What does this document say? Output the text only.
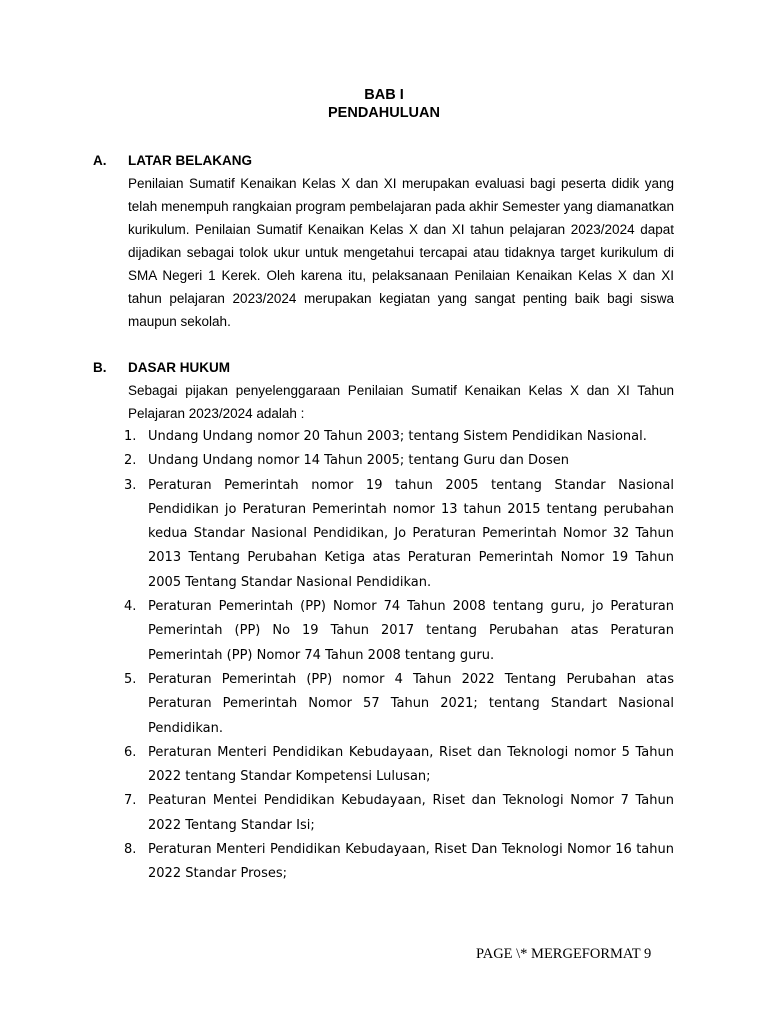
BAB I
PENDAHULUAN
A. LATAR BELAKANG
Penilaian Sumatif Kenaikan Kelas X dan XI merupakan evaluasi bagi peserta didik yang telah menempuh rangkaian program pembelajaran pada akhir Semester yang diamanatkan kurikulum. Penilaian Sumatif Kenaikan Kelas X dan XI tahun pelajaran 2023/2024 dapat dijadikan sebagai tolok ukur untuk mengetahui tercapai atau tidaknya target kurikulum di SMA Negeri 1 Kerek. Oleh karena itu, pelaksanaan Penilaian Kenaikan Kelas X dan XI tahun pelajaran 2023/2024 merupakan kegiatan yang sangat penting baik bagi siswa maupun sekolah.
B. DASAR HUKUM
Sebagai pijakan penyelenggaraan Penilaian Sumatif Kenaikan Kelas X dan XI Tahun Pelajaran 2023/2024 adalah :
1. Undang Undang nomor 20 Tahun 2003; tentang Sistem Pendidikan Nasional.
2. Undang Undang nomor 14 Tahun 2005; tentang Guru dan Dosen
3. Peraturan Pemerintah nomor 19 tahun 2005 tentang Standar Nasional Pendidikan jo Peraturan Pemerintah nomor 13 tahun 2015 tentang perubahan kedua Standar Nasional Pendidikan, Jo Peraturan Pemerintah Nomor 32 Tahun 2013 Tentang Perubahan Ketiga atas Peraturan Pemerintah Nomor 19 Tahun 2005 Tentang Standar Nasional Pendidikan.
4. Peraturan Pemerintah (PP) Nomor 74 Tahun 2008 tentang guru, jo Peraturan Pemerintah (PP) No 19 Tahun 2017 tentang Perubahan atas Peraturan Pemerintah (PP) Nomor 74 Tahun 2008 tentang guru.
5. Peraturan Pemerintah (PP) nomor 4 Tahun 2022 Tentang Perubahan atas Peraturan Pemerintah Nomor 57 Tahun 2021; tentang Standart Nasional Pendidikan.
6. Peraturan Menteri Pendidikan Kebudayaan, Riset dan Teknologi nomor 5 Tahun 2022 tentang Standar Kompetensi Lulusan;
7. Peaturan Mentei Pendidikan Kebudayaan, Riset dan Teknologi Nomor 7 Tahun 2022 Tentang Standar Isi;
8. Peraturan Menteri Pendidikan Kebudayaan, Riset Dan Teknologi Nomor 16 tahun 2022 Standar Proses;
PAGE \* MERGEFORMAT 9
